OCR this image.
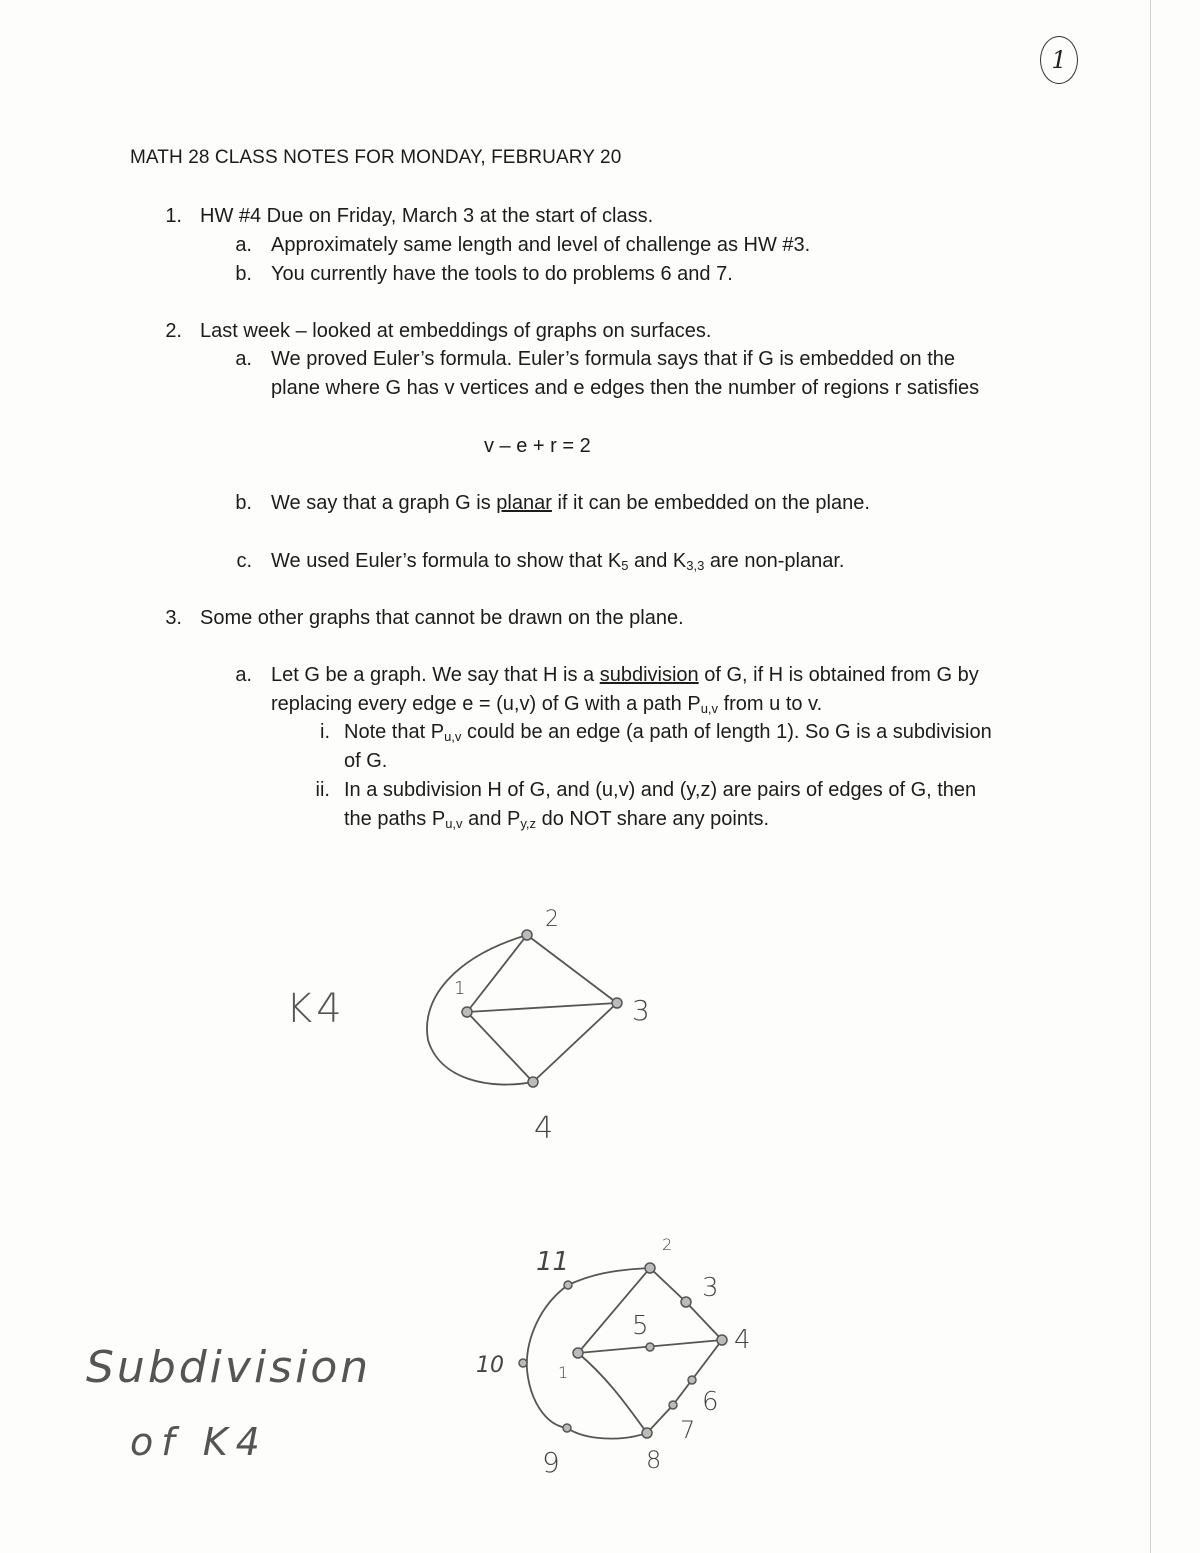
1
MATH 28 CLASS NOTES FOR MONDAY, FEBRUARY 20
1. HW #4 Due on Friday, March 3 at the start of class.
a. Approximately same length and level of challenge as HW #3.
b. You currently have the tools to do problems 6 and 7.
2. Last week – looked at embeddings of graphs on surfaces.
a. We proved Euler’s formula. Euler’s formula says that if G is embedded on the
plane where G has v vertices and e edges then the number of regions r satisfies
v – e + r = 2
b. We say that a graph G is planar if it can be embedded on the plane.
c. We used Euler’s formula to show that $K_5$ and $K_{3,3}$ are non-planar.
3. Some other graphs that cannot be drawn on the plane.
a. Let G be a graph. We say that H is a subdivision of G, if H is obtained from G by
replacing every edge e = (u,v) of G with a path $P_{u,v}$ from u to v.
i. Note that $P_{u,v}$ could be an edge (a path of length 1). So G is a subdivision
of G.
ii. In a subdivision H of G, and (u,v) and (y,z) are pairs of edges of G, then
the paths $P_{u,v}$ and $P_{y,z}$ do NOT share any points.
K4
Subdivision
of K4
1
2
3
4
1
2
3
4
5
6
7
8
9
10
11
